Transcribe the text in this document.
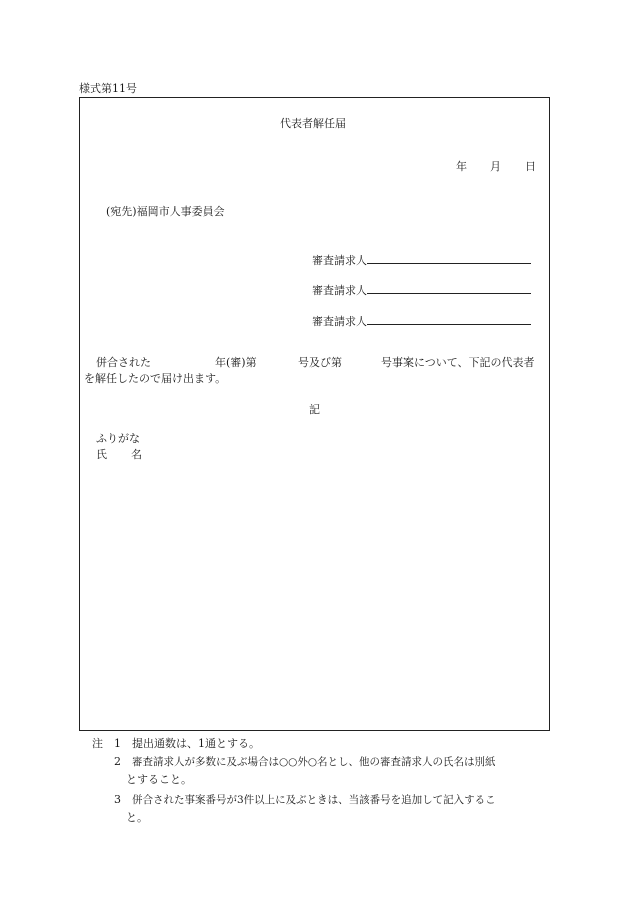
様式第11号
代表者解任届
年 月 日
(宛先)福岡市人事委員会
審査請求人
審査請求人
審査請求人
併合された	年(審)第	号及び第	号事案について、下記の代表者
を解任したので届け出ます。
記
ふりがな
氏 名
注 1 提出通数は、1通とする。
2 審査請求人が多数に及ぶ場合は○○外○名とし、他の審査請求人の氏名は別紙
とすること。
3 併合された事案番号が3件以上に及ぶときは、当該番号を追加して記入するこ
と。
